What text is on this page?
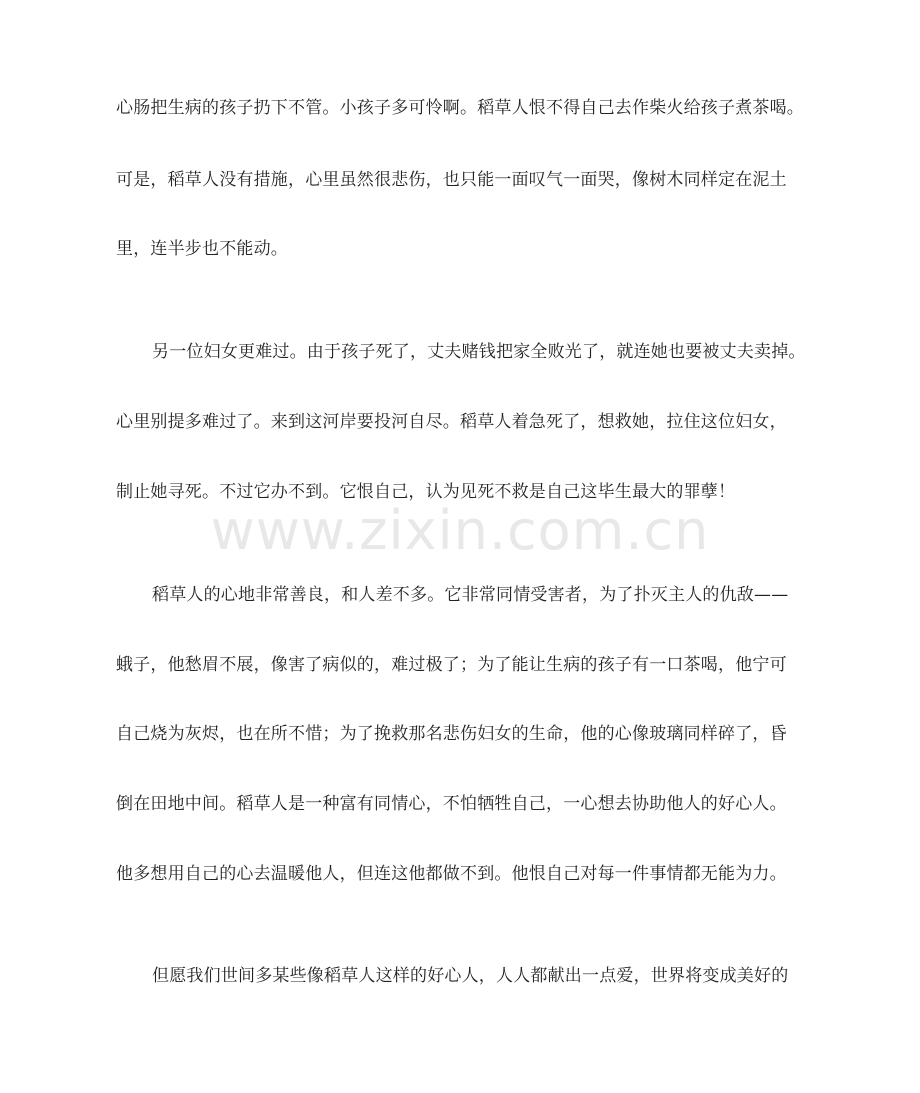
心肠把生病的孩子扔下不管。小孩子多可怜啊。稻草人恨不得自己去作柴火给孩子煮茶喝。
可是，稻草人没有措施，心里虽然很悲伤，也只能一面叹气一面哭，像树木同样定在泥土
里，连半步也不能动。
另一位妇女更难过。由于孩子死了，丈夫赌钱把家全败光了，就连她也要被丈夫卖掉。
心里别提多难过了。来到这河岸要投河自尽。稻草人着急死了，想救她，拉住这位妇女，
制止她寻死。不过它办不到。它恨自己，认为见死不救是自己这毕生最大的罪孽！
稻草人的心地非常善良，和人差不多。它非常同情受害者，为了扑灭主人的仇敌——
蛾子，他愁眉不展，像害了病似的，难过极了；为了能让生病的孩子有一口茶喝，他宁可
自己烧为灰烬，也在所不惜；为了挽救那名悲伤妇女的生命，他的心像玻璃同样碎了，昏
倒在田地中间。稻草人是一种富有同情心，不怕牺牲自己，一心想去协助他人的好心人。
他多想用自己的心去温暖他人，但连这他都做不到。他恨自己对每一件事情都无能为力。
但愿我们世间多某些像稻草人这样的好心人，人人都献出一点爱，世界将变成美好的
www.zixin.com.cn
